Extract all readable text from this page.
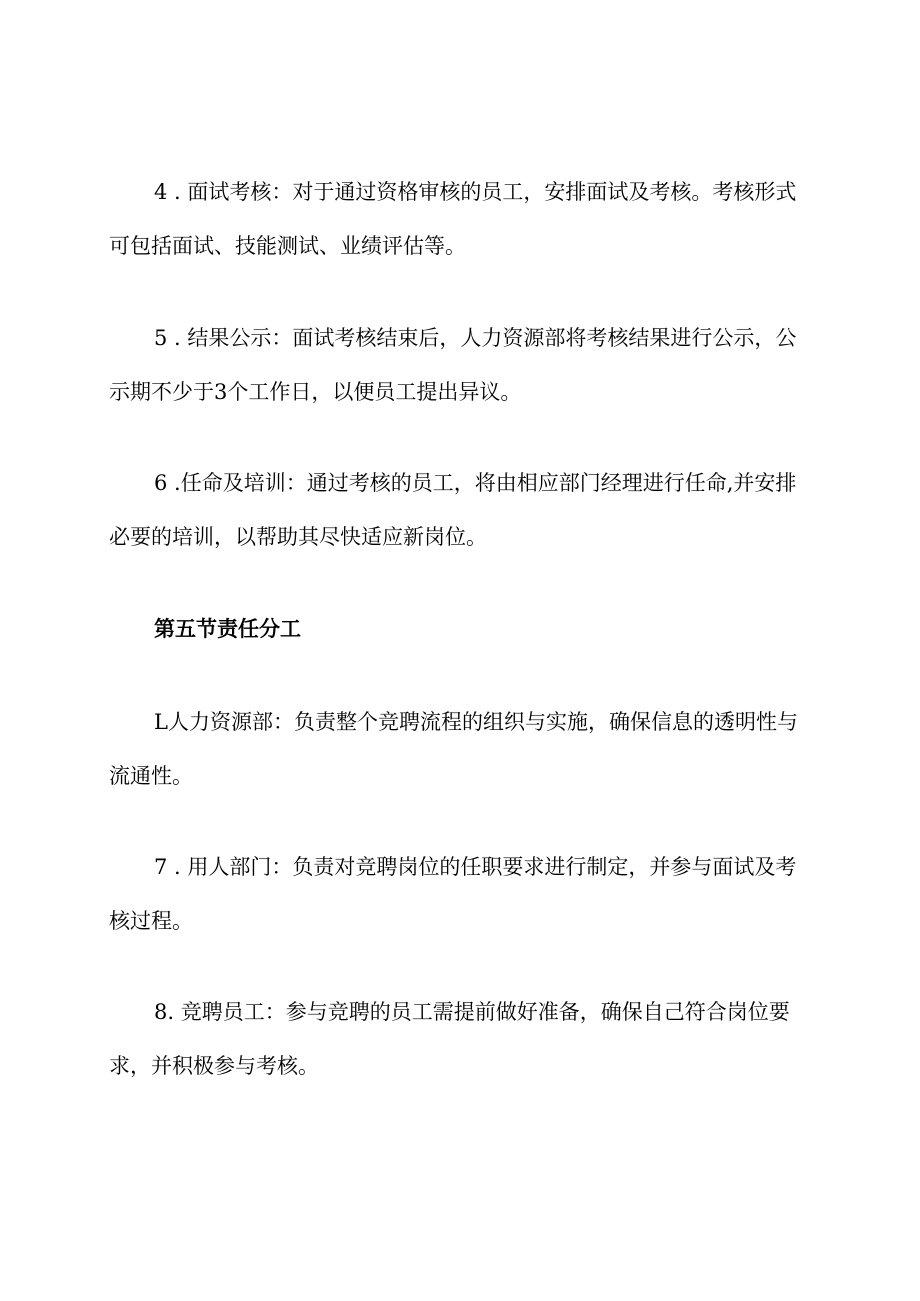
4 . 面试考核：对于通过资格审核的员工，安排面试及考核。考核形式
可包括面试、技能测试、业绩评估等。
5 . 结果公示：面试考核结束后，人力资源部将考核结果进行公示，公
示期不少于3个工作日，以便员工提出异议。
6 .任命及培训：通过考核的员工，将由相应部门经理进行任命,并安排
必要的培训，以帮助其尽快适应新岗位。
第五节责任分工
L人力资源部：负责整个竞聘流程的组织与实施，确保信息的透明性与
流通性。
7 . 用人部门：负责对竞聘岗位的任职要求进行制定，并参与面试及考
核过程。
8. 竞聘员工：参与竞聘的员工需提前做好准备，确保自己符合岗位要
求，并积极参与考核。
